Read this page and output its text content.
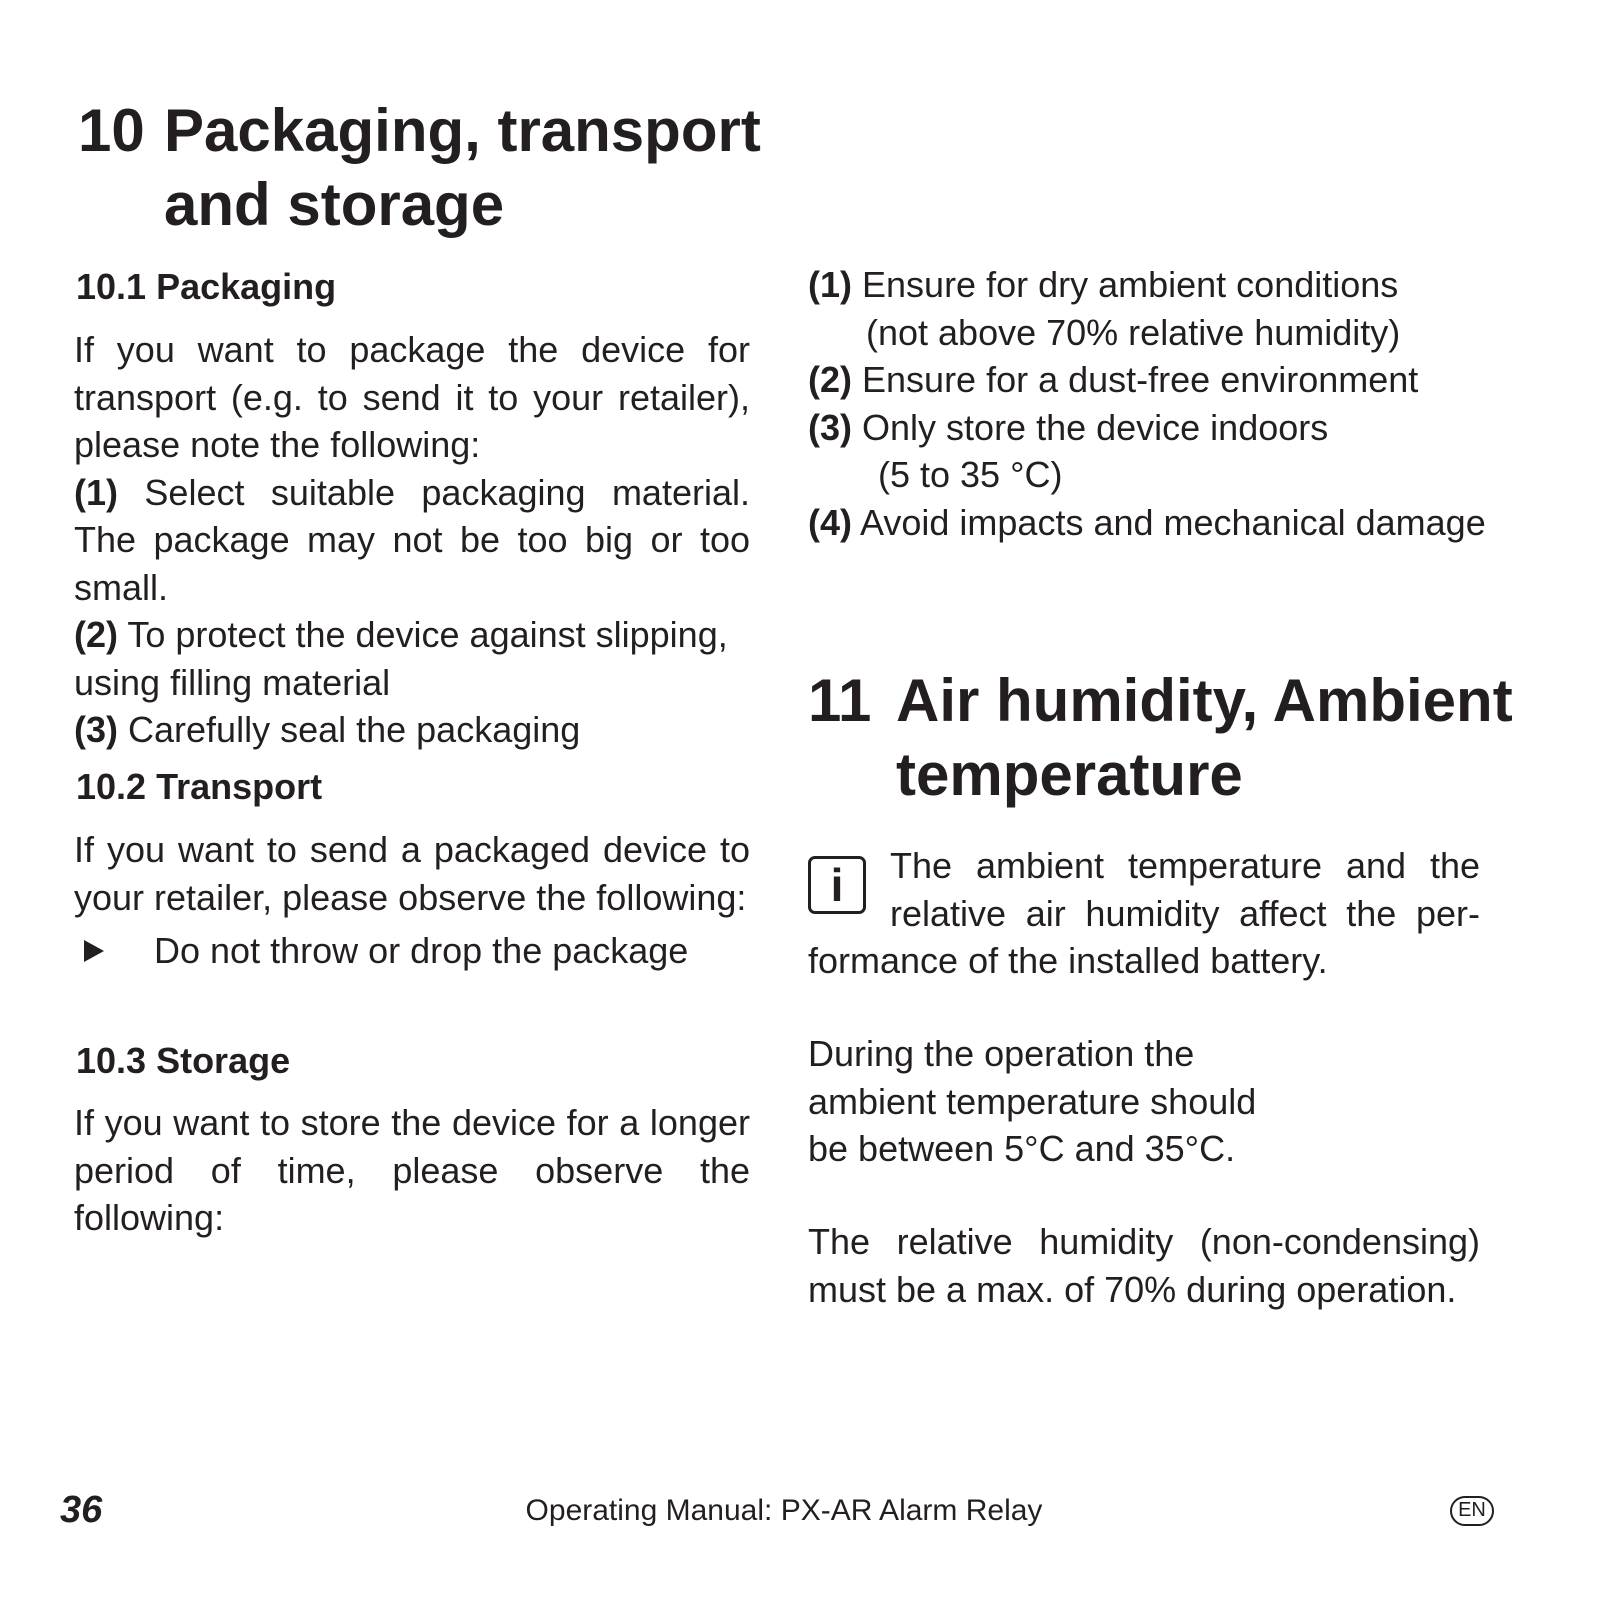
10 Packaging, transport
and storage
10.1 Packaging
If you want to package the device for transport (e.g. to send it to your retailer), please note the following:
(1) Select suitable packaging material. The package may not be too big or too small.
(2) To protect the device against slipping, using filling material
(3) Carefully seal the packaging
10.2 Transport
If you want to send a packaged device to your retailer, please observe the following:
Do not throw or drop the package
10.3 Storage
If you want to store the device for a longer period of time, please observe the following:
(1) Ensure for dry ambient conditions
(not above 70% relative humidity)
(2) Ensure for a dust-free environment
(3) Only store the device indoors
(5 to 35 °C)
(4) Avoid impacts and mechanical damage
11 Air humidity, Ambient
temperature
i	The ambient temperature and the
relative air humidity affect the per-
formance of the installed battery.
During the operation the
ambient temperature should
be between 5°C and 35°C.
The relative humidity (non-condensing) must be a max. of 70% during operation.
36	Operating Manual: PX-AR Alarm Relay	EN
